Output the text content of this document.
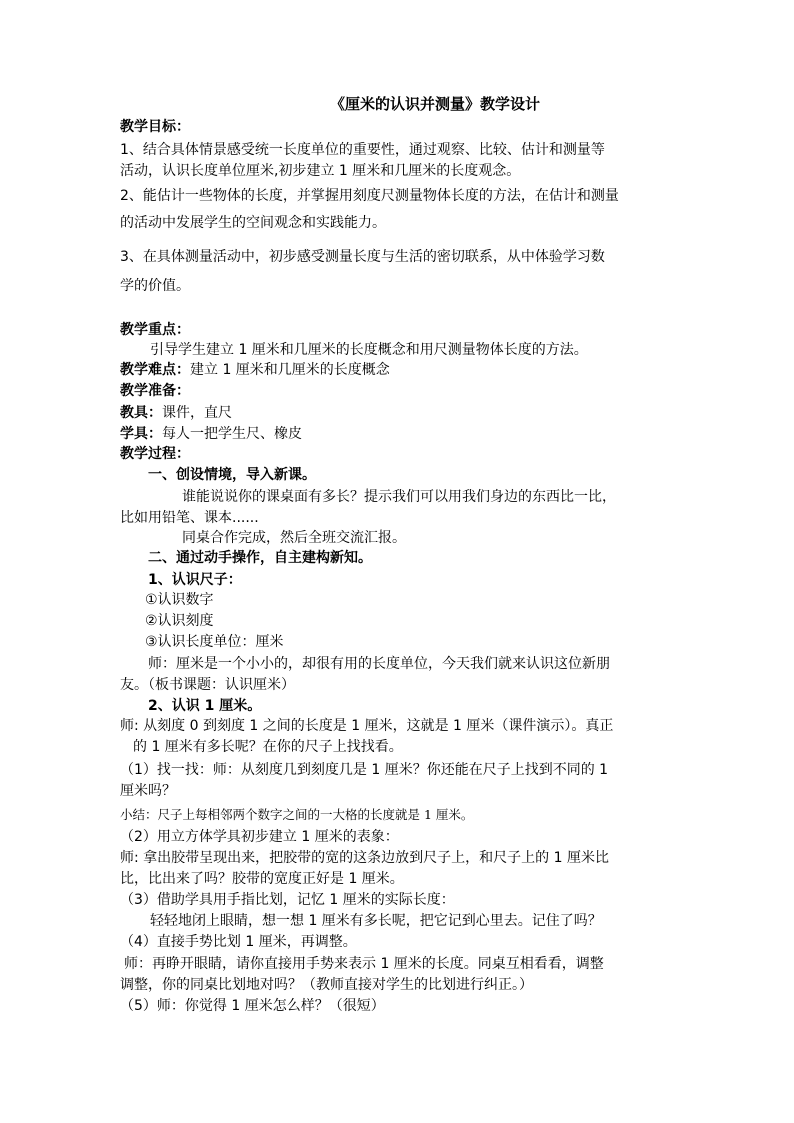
《厘米的认识并测量》教学设计
教学目标：
1、结合具体情景感受统一长度单位的重要性，通过观察、比较、估计和测量等
活动，认识长度单位厘米,初步建立 1 厘米和几厘米的长度观念。
2、能估计一些物体的长度，并掌握用刻度尺测量物体长度的方法，在估计和测量
的活动中发展学生的空间观念和实践能力。
3、在具体测量活动中，初步感受测量长度与生活的密切联系，从中体验学习数
学的价值。
教学重点：
引导学生建立 1 厘米和几厘米的长度概念和用尺测量物体长度的方法。
教学难点：建立 1 厘米和几厘米的长度概念
教学准备：
教具：课件，直尺
学具：每人一把学生尺、橡皮
教学过程：
一、创设情境，导入新课。
谁能说说你的课桌面有多长？提示我们可以用我们身边的东西比一比，
比如用铅笔、课本......
同桌合作完成，然后全班交流汇报。
二、通过动手操作，自主建构新知。
1、认识尺子：
①认识数字
②认识刻度
③认识长度单位：厘米
师：厘米是一个小小的，却很有用的长度单位，今天我们就来认识这位新朋
友。（板书课题：认识厘米）
2、认识 1 厘米。
师: 从刻度 0 到刻度 1 之间的长度是 1 厘米，这就是 1 厘米（课件演示）。真正
的 1 厘米有多长呢？在你的尺子上找找看。
（1）找一找：师：从刻度几到刻度几是 1 厘米？你还能在尺子上找到不同的 1
厘米吗？
小结：尺子上每相邻两个数字之间的一大格的长度就是 1 厘米。
（2）用立方体学具初步建立 1 厘米的表象：
师: 拿出胶带呈现出来，把胶带的宽的这条边放到尺子上，和尺子上的 1 厘米比
比，比出来了吗？胶带的宽度正好是 1 厘米。
（3）借助学具用手指比划，记忆 1 厘米的实际长度：
轻轻地闭上眼睛，想一想 1 厘米有多长呢，把它记到心里去。记住了吗？
（4）直接手势比划 1 厘米，再调整。
师：再睁开眼睛，请你直接用手势来表示 1 厘米的长度。同桌互相看看，调整
调整，你的同桌比划地对吗？（教师直接对学生的比划进行纠正。）
（5）师：你觉得 1 厘米怎么样？（很短）
